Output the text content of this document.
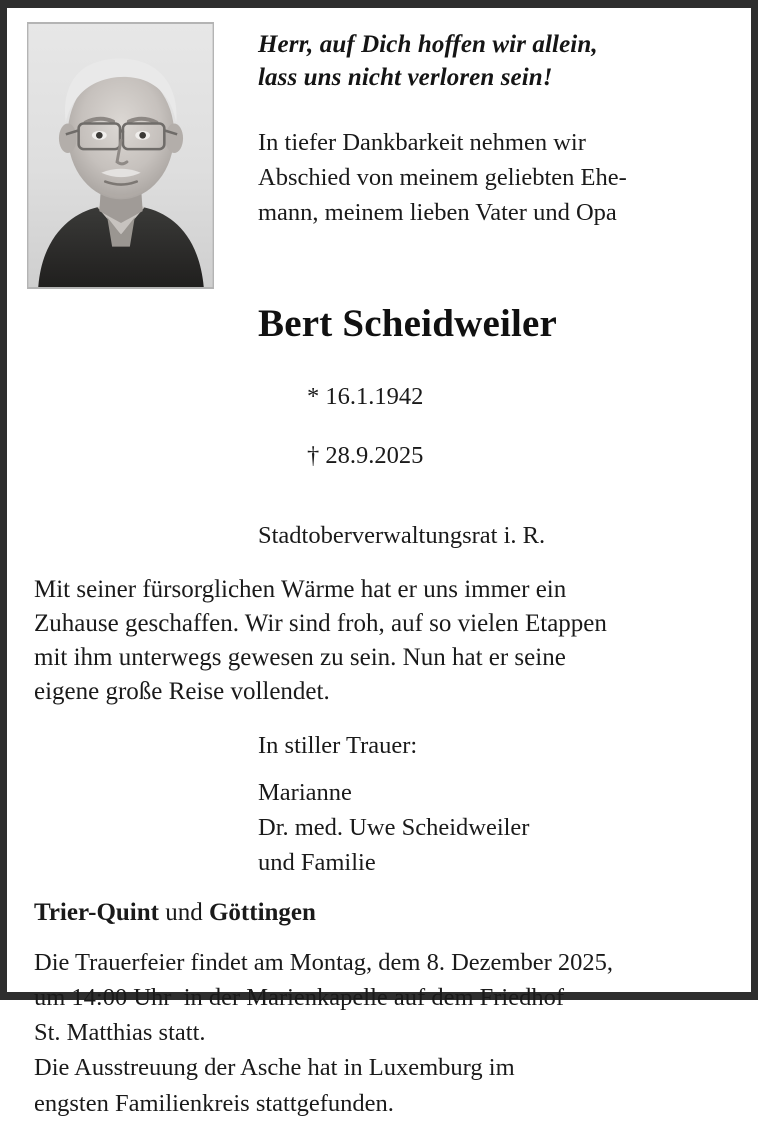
Herr, auf Dich hoffen wir allein,
lass uns nicht verloren sein!
In tiefer Dankbarkeit nehmen wir
Abschied von meinem geliebten Ehe-
mann, meinem lieben Vater und Opa
Bert Scheidweiler

* 16.1.1942

† 28.9.2025

Stadtoberverwaltungsrat i. R.
Mit seiner fürsorglichen Wärme hat er uns immer ein
Zuhause geschaffen. Wir sind froh, auf so vielen Etappen
mit ihm unterwegs gewesen zu sein. Nun hat er seine
eigene große Reise vollendet.
In stiller Trauer:
Marianne
Dr. med. Uwe Scheidweiler
und Familie
Trier-Quint und Göttingen
Die Trauerfeier findet am Montag, dem 8. Dezember 2025,
um 14:00 Uhr  in der Marienkapelle auf dem Friedhof
St. Matthias statt.
Die Ausstreuung der Asche hat in Luxemburg im
engsten Familienkreis stattgefunden.
